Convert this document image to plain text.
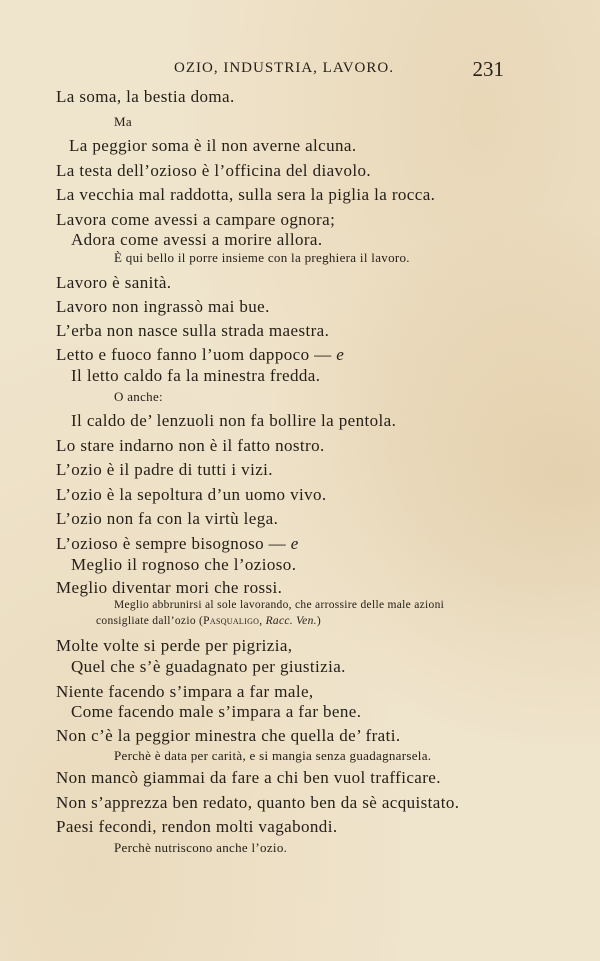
OZIO, INDUSTRIA, LAVORO.	231
La soma, la bestia doma.
Ma
La peggior soma è il non averne alcuna.
La testa dell’ozioso è l’officina del diavolo.
La vecchia mal raddotta, sulla sera la piglia la rocca.
Lavora come avessi a campare ognora;
Adora come avessi a morire allora.
È qui bello il porre insieme con la preghiera il lavoro.
Lavoro è sanità.
Lavoro non ingrassò mai bue.
L’erba non nasce sulla strada maestra.
Letto e fuoco fanno l’uom dappoco — e
Il letto caldo fa la minestra fredda.
O anche:
Il caldo de’ lenzuoli non fa bollire la pentola.
Lo stare indarno non è il fatto nostro.
L’ozio è il padre di tutti i vizi.
L’ozio è la sepoltura d’un uomo vivo.
L’ozio non fa con la virtù lega.
L’ozioso è sempre bisognoso — e
Meglio il rognoso che l’ozioso.
Meglio diventar mori che rossi.
Meglio abbrunirsi al sole lavorando, che arrossire delle male azioni
consigliate dall’ozio (Pasqualigo, Racc. Ven.)
Molte volte si perde per pigrizia,
Quel che s’è guadagnato per giustizia.
Niente facendo s’impara a far male,
Come facendo male s’impara a far bene.
Non c’è la peggior minestra che quella de’ frati.
Perchè è data per carità, e si mangia senza guadagnarsela.
Non mancò giammai da fare a chi ben vuol trafficare.
Non s’apprezza ben redato, quanto ben da sè acquistato.
Paesi fecondi, rendon molti vagabondi.
Perchè nutriscono anche l’ozio.
